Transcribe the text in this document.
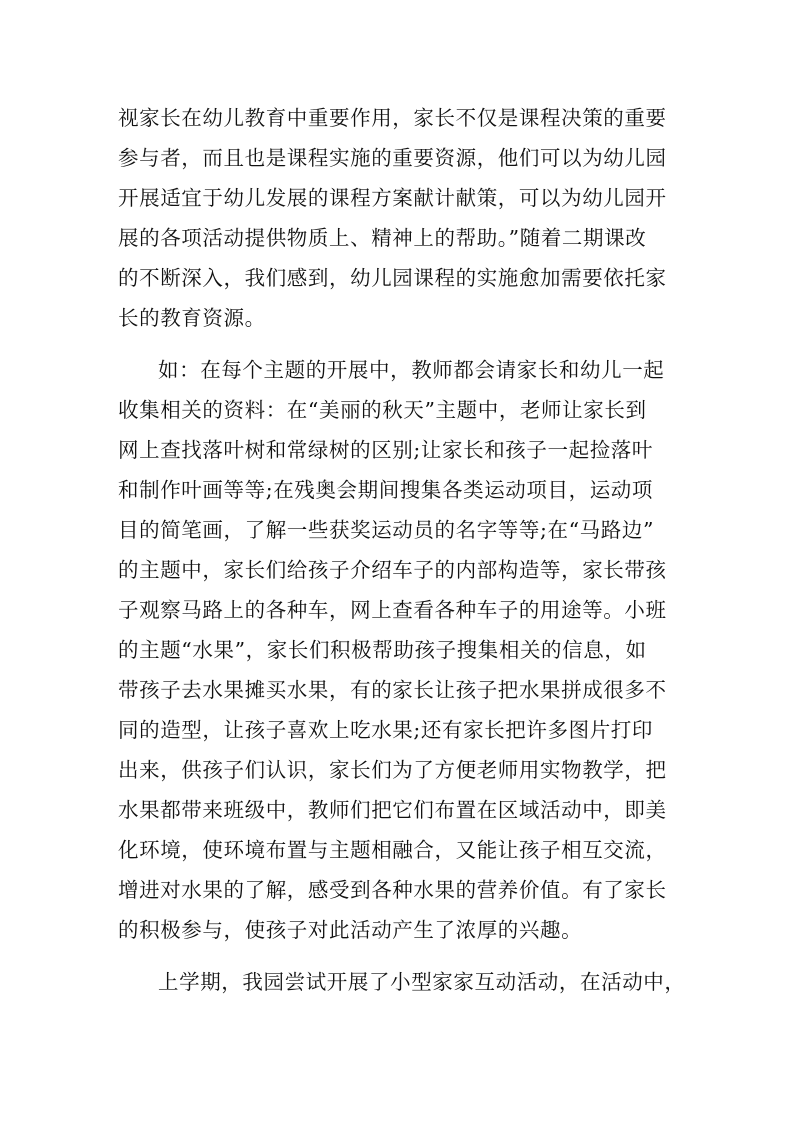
视家长在幼儿教育中重要作用，家长不仅是课程决策的重要
参与者，而且也是课程实施的重要资源，他们可以为幼儿园
开展适宜于幼儿发展的课程方案献计献策，可以为幼儿园开
展的各项活动提供物质上、精神上的帮助。”随着二期课改
的不断深入，我们感到，幼儿园课程的实施愈加需要依托家
长的教育资源。
如：在每个主题的开展中，教师都会请家长和幼儿一起
收集相关的资料：在“美丽的秋天”主题中，老师让家长到
网上查找落叶树和常绿树的区别;让家长和孩子一起捡落叶
和制作叶画等等;在残奥会期间搜集各类运动项目，运动项
目的简笔画，了解一些获奖运动员的名字等等;在“马路边”
的主题中，家长们给孩子介绍车子的内部构造等，家长带孩
子观察马路上的各种车，网上查看各种车子的用途等。小班
的主题“水果”，家长们积极帮助孩子搜集相关的信息，如
带孩子去水果摊买水果，有的家长让孩子把水果拼成很多不
同的造型，让孩子喜欢上吃水果;还有家长把许多图片打印
出来，供孩子们认识，家长们为了方便老师用实物教学，把
水果都带来班级中，教师们把它们布置在区域活动中，即美
化环境，使环境布置与主题相融合，又能让孩子相互交流，
增进对水果的了解，感受到各种水果的营养价值。有了家长
的积极参与，使孩子对此活动产生了浓厚的兴趣。
上学期，我园尝试开展了小型家家互动活动，在活动中，
